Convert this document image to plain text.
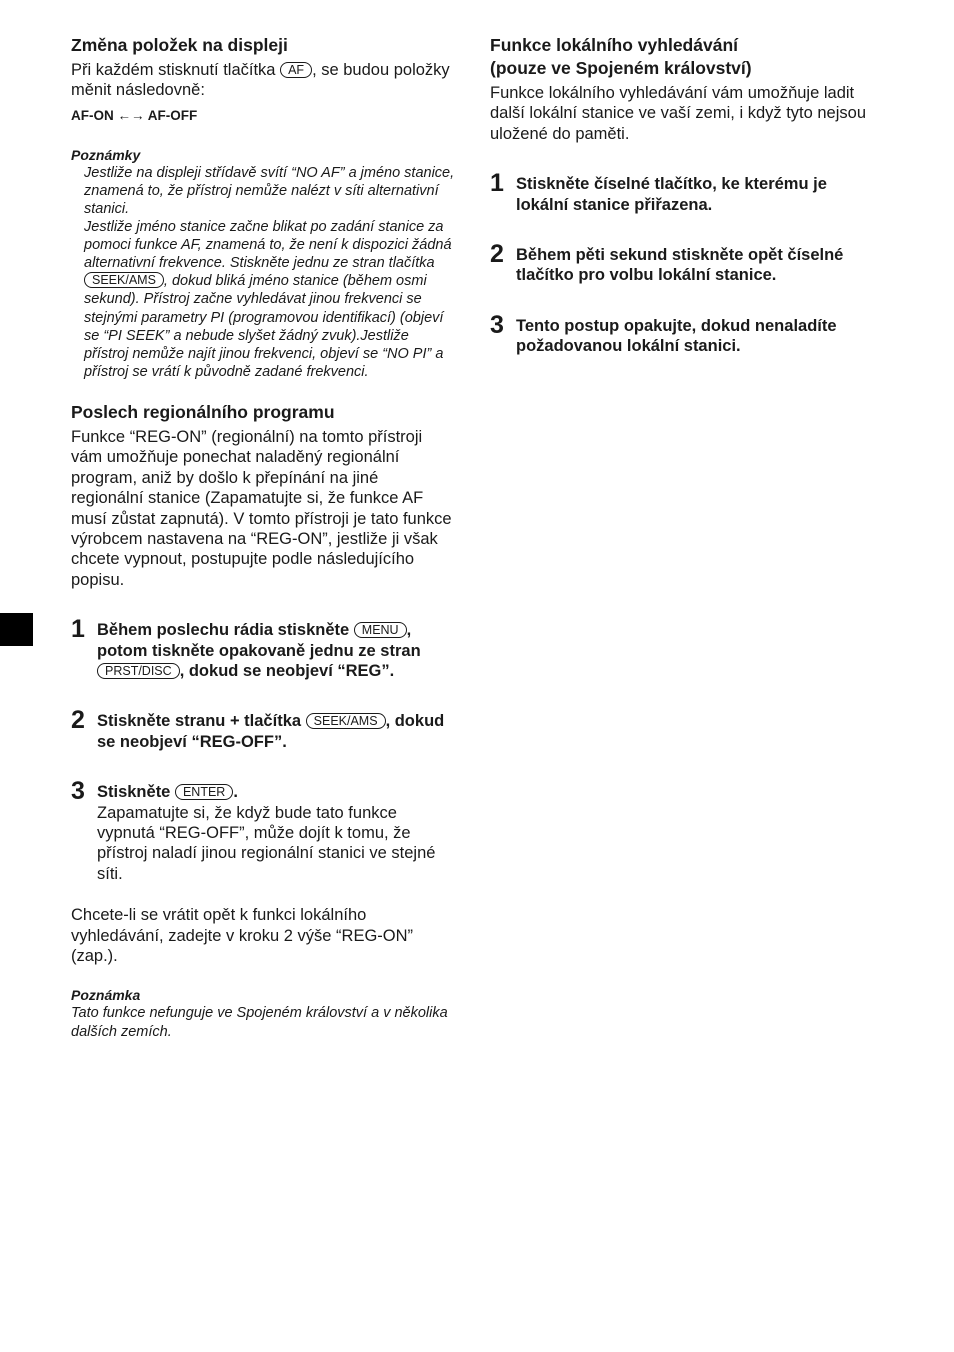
Změna položek na displeji

Při každém stisknutí tlačítka AF , se budou položky měnit následovně:

AF-ON ←→ AF-OFF

Poznámky

Jestliže na displeji střídavě svítí “NO AF” a jméno stanice, znamená to, že přístroj nemůže nalézt v síti alternativní stanici.

Jestliže jméno stanice začne blikat po zadání stanice za pomoci funkce AF, znamená to, že není k dispozici žádná alternativní frekvence. Stiskněte jednu ze stran tlačítka SEEK/AMS , dokud bliká jméno stanice (během osmi sekund). Přístroj začne vyhledávat jinou frekvenci se stejnými parametry PI (programovou identifikací) (objeví se “PI SEEK” a nebude slyšet žádný zvuk).Jestliže přístroj nemůže najít jinou frekvenci, objeví se “NO PI” a přístroj se vrátí k původně zadané frekvenci.

Poslech regionálního programu

Funkce “REG-ON” (regionální) na tomto přístroji vám umožňuje ponechat naladěný regionální program, aniž by došlo k přepínání na jiné regionální stanice (Zapamatujte si, že funkce AF musí zůstat zapnutá). V tomto přístroji je tato funkce výrobcem nastavena na “REG-ON”, jestliže ji však chcete vypnout, postupujte podle následujícího popisu.

1 Během poslechu rádia stiskněte MENU , potom tiskněte opakovaně jednu ze stran PRST/DISC , dokud se neobjeví “REG”.
2 Stiskněte stranu + tlačítka SEEK/AMS , dokud se neobjeví “REG-OFF”.
3 Stiskněte ENTER .
Zapamatujte si, že když bude tato funkce vypnutá “REG-OFF”, může dojít k tomu, že přístroj naladí jinou regionální stanici ve stejné síti.

Chcete-li se vrátit opět k funkci lokálního vyhledávání, zadejte v kroku 2 výše “REG-ON” (zap.).

Poznámka

Tato funkce nefunguje ve Spojeném království a v několika dalších zemích.

Funkce lokálního vyhledávání
(pouze ve Spojeném království)

Funkce lokálního vyhledávání vám umožňuje ladit další lokální stanice ve vaší zemi, i když tyto nejsou uložené do paměti.

1 Stiskněte číselné tlačítko, ke kterému je lokální stanice přiřazena.
2 Během pěti sekund stiskněte opět číselné tlačítko pro volbu lokální stanice.
3 Tento postup opakujte, dokud nenaladíte požadovanou lokální stanici.
